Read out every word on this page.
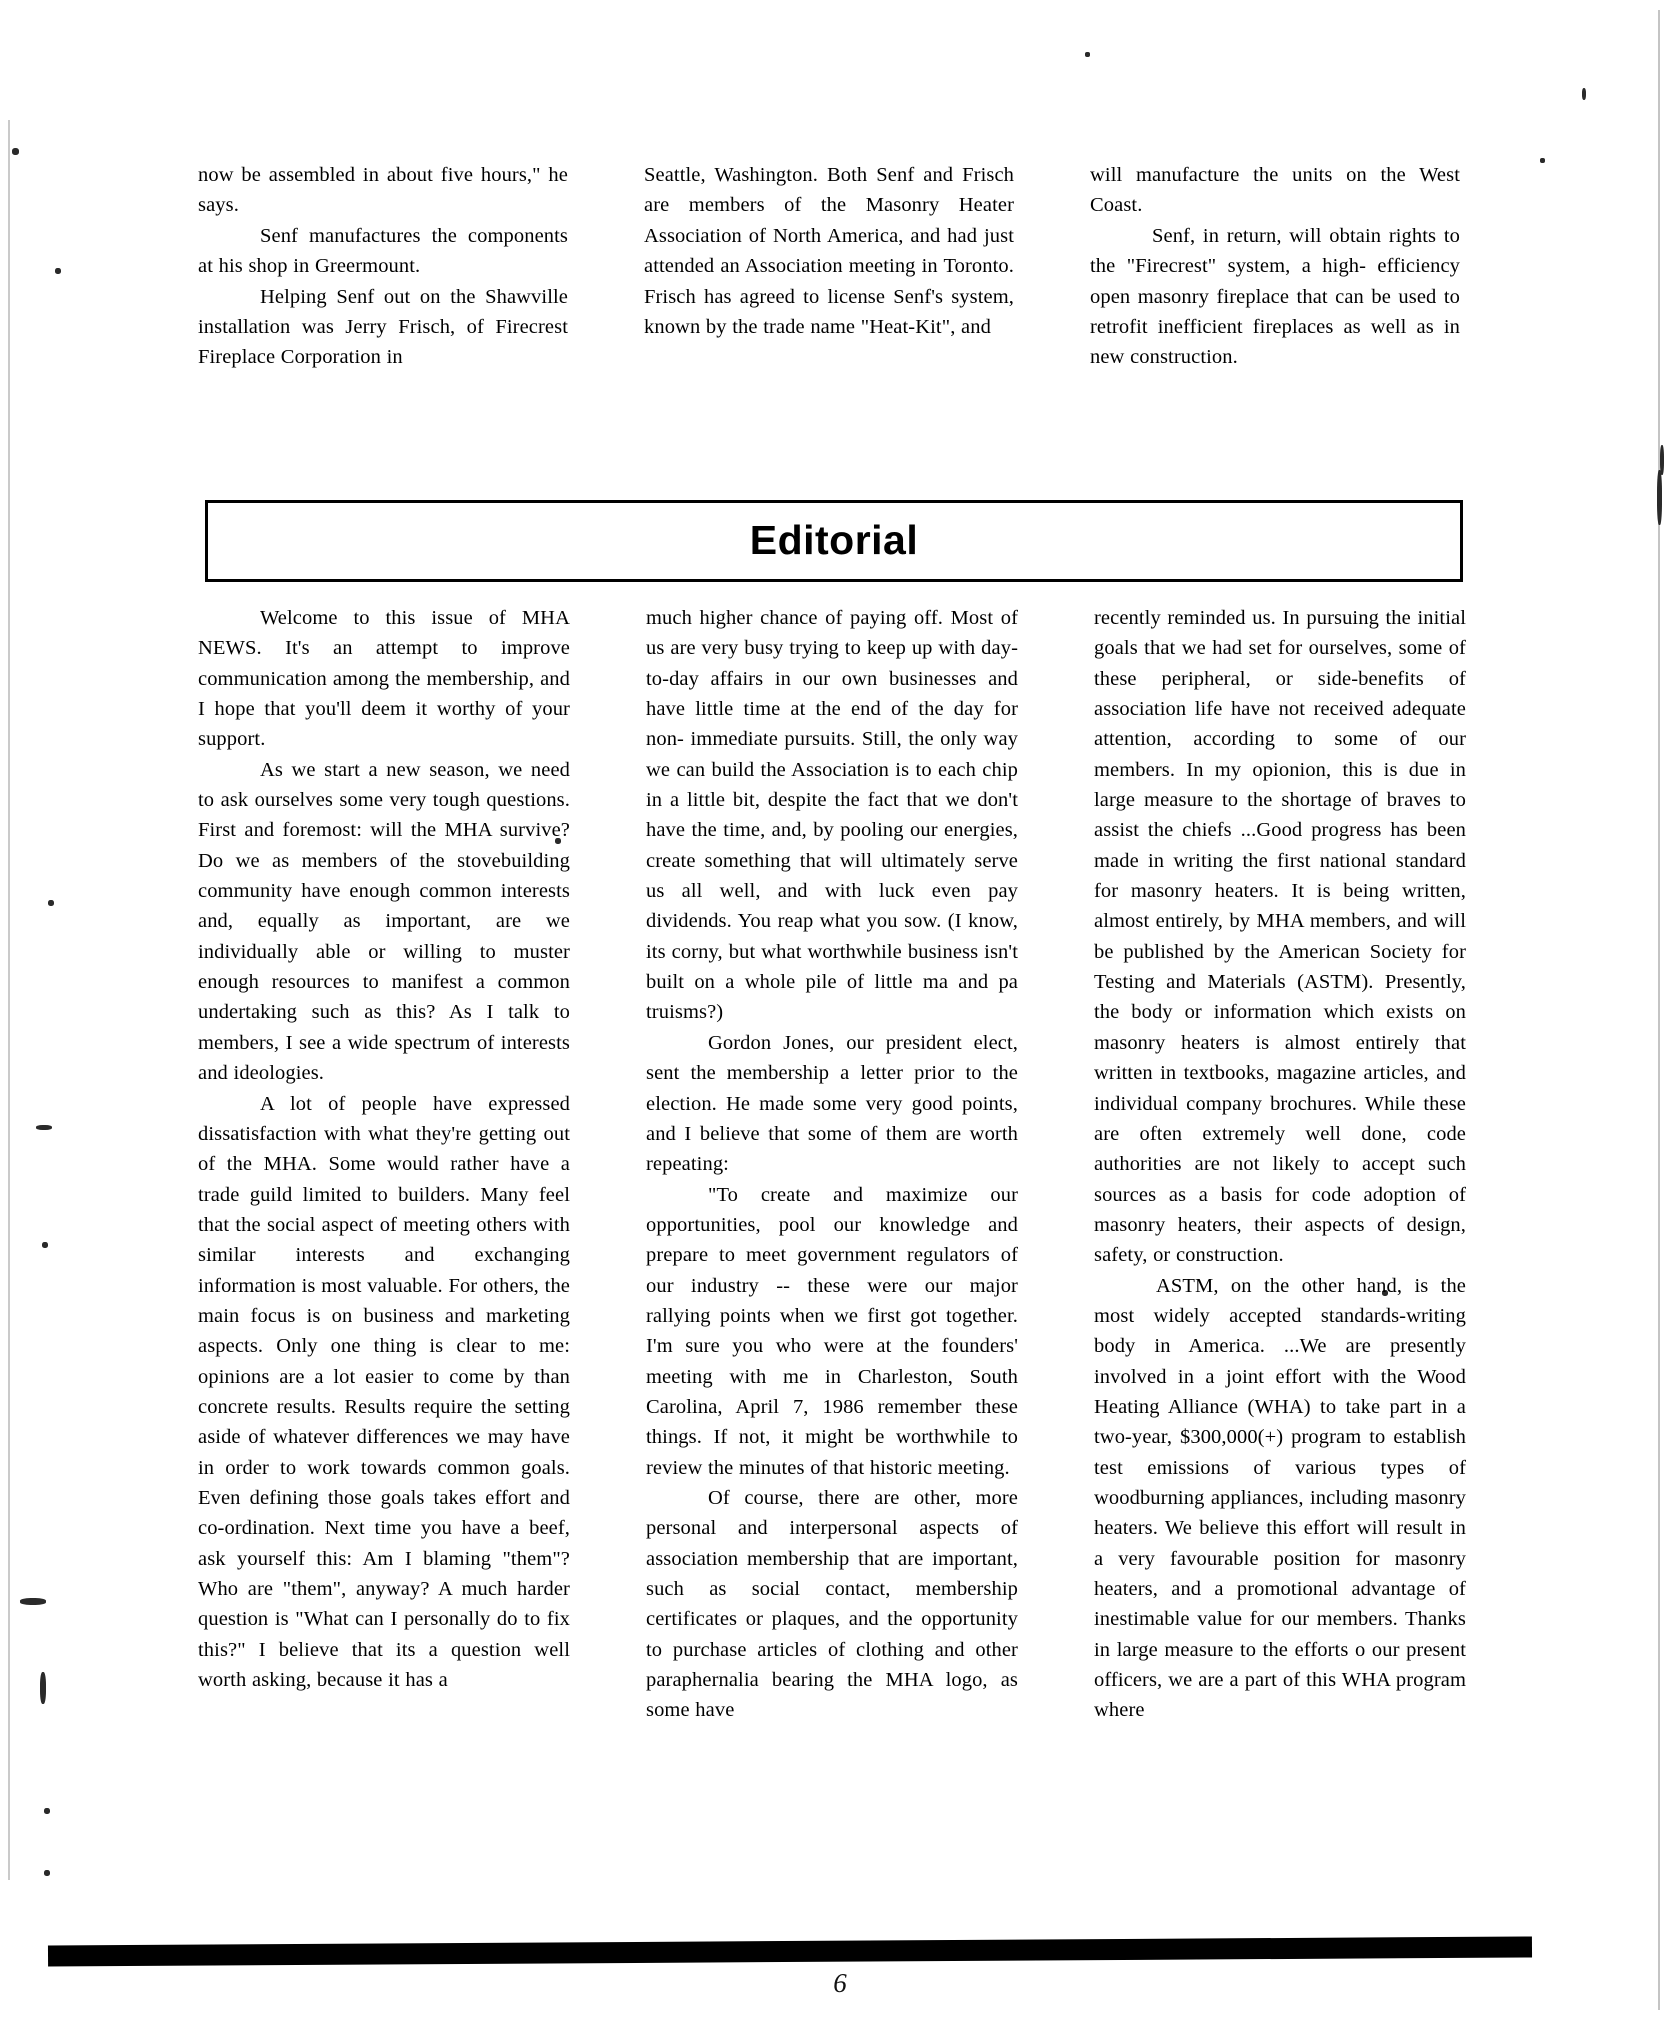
now be assembled in about five hours," he says.

Senf manufactures the components at his shop in Greermount.

Helping Senf out on the Shawville installation was Jerry Frisch, of Firecrest Fireplace Corporation in

Seattle, Washington. Both Senf and Frisch are members of the Masonry Heater Association of North America, and had just attended an Association meeting in Toronto. Frisch has agreed to license Senf's system, known by the trade name "Heat-Kit", and

will manufacture the units on the West Coast.

Senf, in return, will obtain rights to the "Firecrest" system, a high- efficiency open masonry fireplace that can be used to retrofit inefficient fireplaces as well as in new construction.

Editorial

Welcome to this issue of MHA NEWS. It's an attempt to improve communication among the membership, and I hope that you'll deem it worthy of your support.

As we start a new season, we need to ask ourselves some very tough questions. First and foremost: will the MHA survive? Do we as members of the stovebuilding community have enough common interests and, equally as important, are we individually able or willing to muster enough resources to manifest a common undertaking such as this? As I talk to members, I see a wide spectrum of interests and ideologies.

A lot of people have expressed dissatisfaction with what they're getting out of the MHA. Some would rather have a trade guild limited to builders. Many feel that the social aspect of meeting others with similar interests and exchanging information is most valuable. For others, the main focus is on business and marketing aspects. Only one thing is clear to me: opinions are a lot easier to come by than concrete results. Results require the setting aside of whatever differences we may have in order to work towards common goals. Even defining those goals takes effort and co-ordination. Next time you have a beef, ask yourself this: Am I blaming "them"? Who are "them", anyway? A much harder question is "What can I personally do to fix this?" I believe that its a question well worth asking, because it has a

much higher chance of paying off. Most of us are very busy trying to keep up with day-to-day affairs in our own businesses and have little time at the end of the day for non- immediate pursuits. Still, the only way we can build the Association is to each chip in a little bit, despite the fact that we don't have the time, and, by pooling our energies, create something that will ultimately serve us all well, and with luck even pay dividends. You reap what you sow. (I know, its corny, but what worthwhile business isn't built on a whole pile of little ma and pa truisms?)

Gordon Jones, our president elect, sent the membership a letter prior to the election. He made some very good points, and I believe that some of them are worth repeating:

"To create and maximize our opportunities, pool our knowledge and prepare to meet government regulators of our industry -- these were our major rallying points when we first got together. I'm sure you who were at the founders' meeting with me in Charleston, South Carolina, April 7, 1986 remember these things. If not, it might be worthwhile to review the minutes of that historic meeting.

Of course, there are other, more personal and interpersonal aspects of association membership that are important, such as social contact, membership certificates or plaques, and the opportunity to purchase articles of clothing and other paraphernalia bearing the MHA logo, as some have

recently reminded us. In pursuing the initial goals that we had set for ourselves, some of these peripheral, or side-benefits of association life have not received adequate attention, according to some of our members. In my opionion, this is due in large measure to the shortage of braves to assist the chiefs ...Good progress has been made in writing the first national standard for masonry heaters. It is being written, almost entirely, by MHA members, and will be published by the American Society for Testing and Materials (ASTM). Presently, the body or information which exists on masonry heaters is almost entirely that written in textbooks, magazine articles, and individual company brochures. While these are often extremely well done, code authorities are not likely to accept such sources as a basis for code adoption of masonry heaters, their aspects of design, safety, or construction.

ASTM, on the other hand, is the most widely accepted standards-writing body in America. ...We are presently involved in a joint effort with the Wood Heating Alliance (WHA) to take part in a two-year, $300,000(+) program to establish test emissions of various types of woodburning appliances, including masonry heaters. We believe this effort will result in a very favourable position for masonry heaters, and a promotional advantage of inestimable value for our members. Thanks in large measure to the efforts o our present officers, we are a part of this WHA program where

6
